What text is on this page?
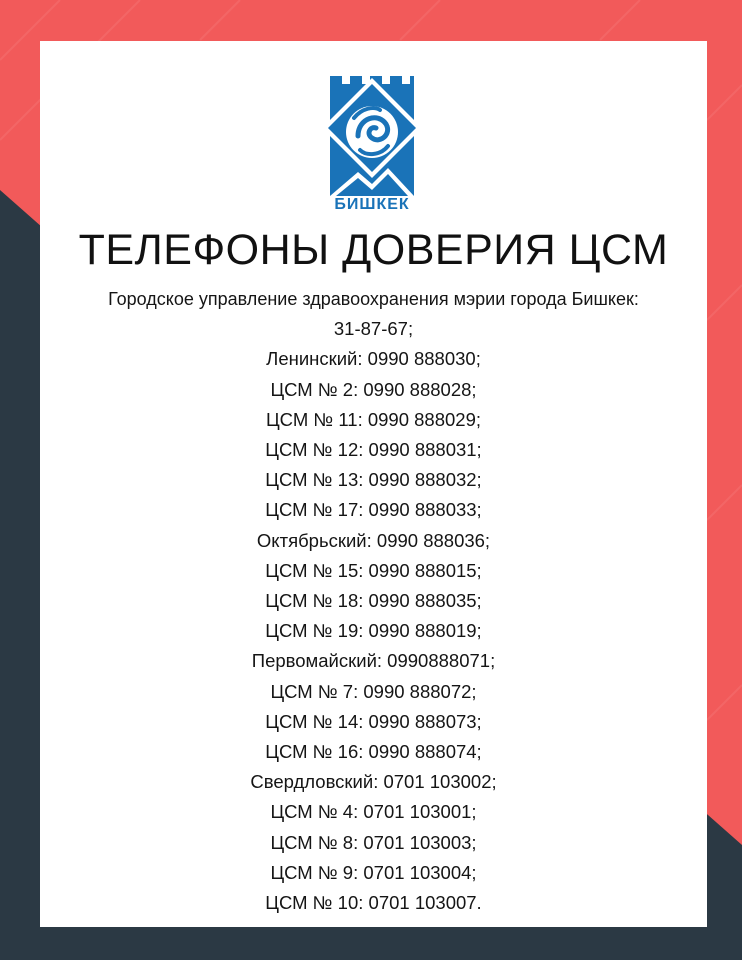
БИШКЕК
ТЕЛЕФОНЫ ДОВЕРИЯ ЦСМ
Городское управление здравоохранения мэрии города Бишкек:
31-87-67;
Ленинский: 0990 888030;
ЦСМ № 2: 0990 888028;
ЦСМ № 11: 0990 888029;
ЦСМ № 12: 0990 888031;
ЦСМ № 13: 0990 888032;
ЦСМ № 17: 0990 888033;
Октябрьский: 0990 888036;
ЦСМ № 15: 0990 888015;
ЦСМ № 18: 0990 888035;
ЦСМ № 19: 0990 888019;
Первомайский: 0990888071;
ЦСМ № 7: 0990 888072;
ЦСМ № 14: 0990 888073;
ЦСМ № 16: 0990 888074;
Свердловский: 0701 103002;
ЦСМ № 4: 0701 103001;
ЦСМ № 8: 0701 103003;
ЦСМ № 9: 0701 103004;
ЦСМ № 10: 0701 103007.
